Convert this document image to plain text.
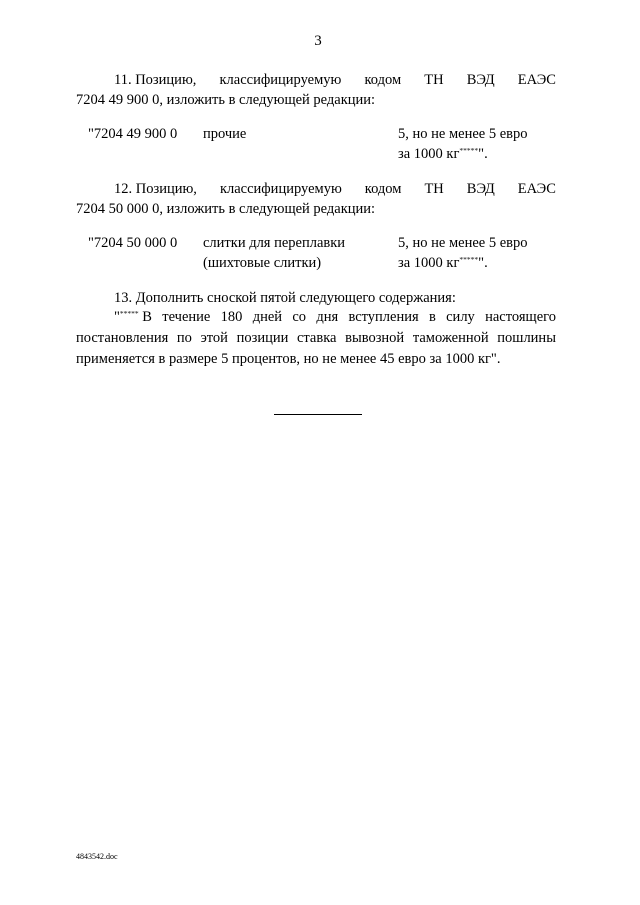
3
11. Позицию, классифицируемую кодом ТН ВЭД ЕАЭС
7204 49 900 0, изложить в следующей редакции:
"7204 49 900 0 прочие	5, но не менее 5 евро
за 1000 кг*****".
12. Позицию, классифицируемую кодом ТН ВЭД ЕАЭС
7204 50 000 0, изложить в следующей редакции:
"7204 50 000 0 слитки для переплавки
(шихтовые слитки)
5, но не менее 5 евро
за 1000 кг*****".
13. Дополнить сноской пятой следующего содержания:
"***** В течение 180 дней со дня вступления в силу настоящего
постановления по этой позиции ставка вывозной таможенной пошлины
применяется в размере 5 процентов, но не менее 45 евро за 1000 кг".
4843542.doc
